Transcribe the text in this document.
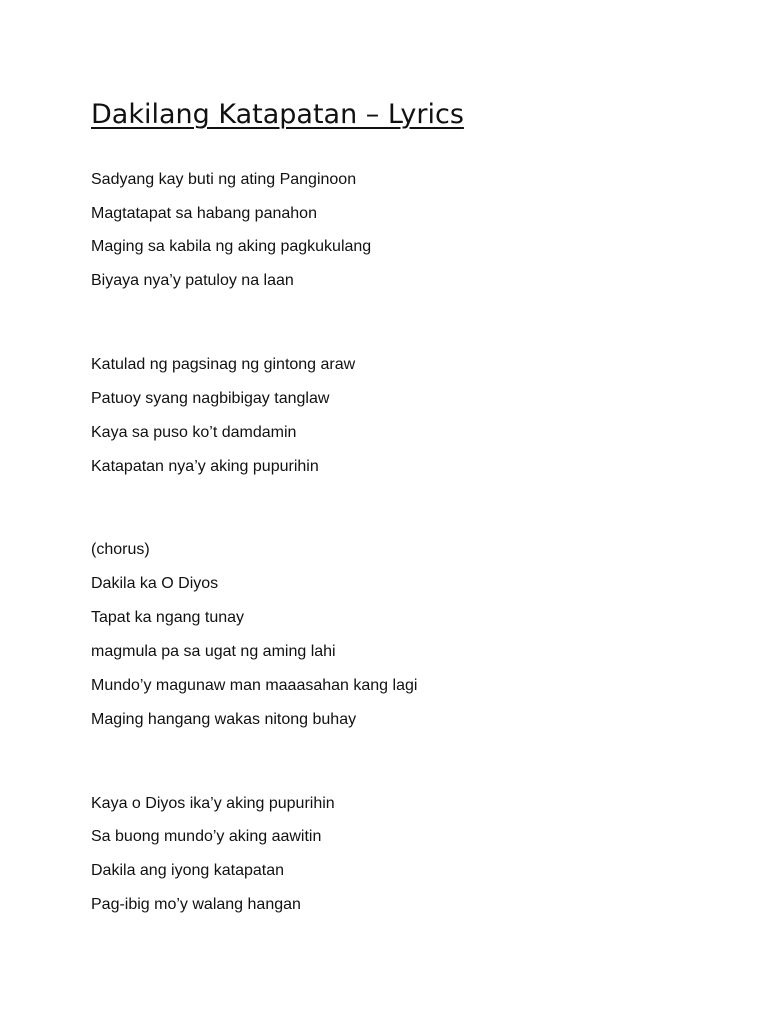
Dakilang Katapatan – Lyrics

Sadyang kay buti ng ating Panginoon

Magtatapat sa habang panahon

Maging sa kabila ng aking pagkukulang

Biyaya nya’y patuloy na laan

Katulad ng pagsinag ng gintong araw

Patuoy syang nagbibigay tanglaw

Kaya sa puso ko’t damdamin

Katapatan nya’y aking pupurihin

(chorus)

Dakila ka O Diyos

Tapat ka ngang tunay

magmula pa sa ugat ng aming lahi

Mundo’y magunaw man maaasahan kang lagi

Maging hangang wakas nitong buhay

Kaya o Diyos ika’y aking pupurihin

Sa buong mundo’y aking aawitin

Dakila ang iyong katapatan

Pag-ibig mo’y walang hangan
